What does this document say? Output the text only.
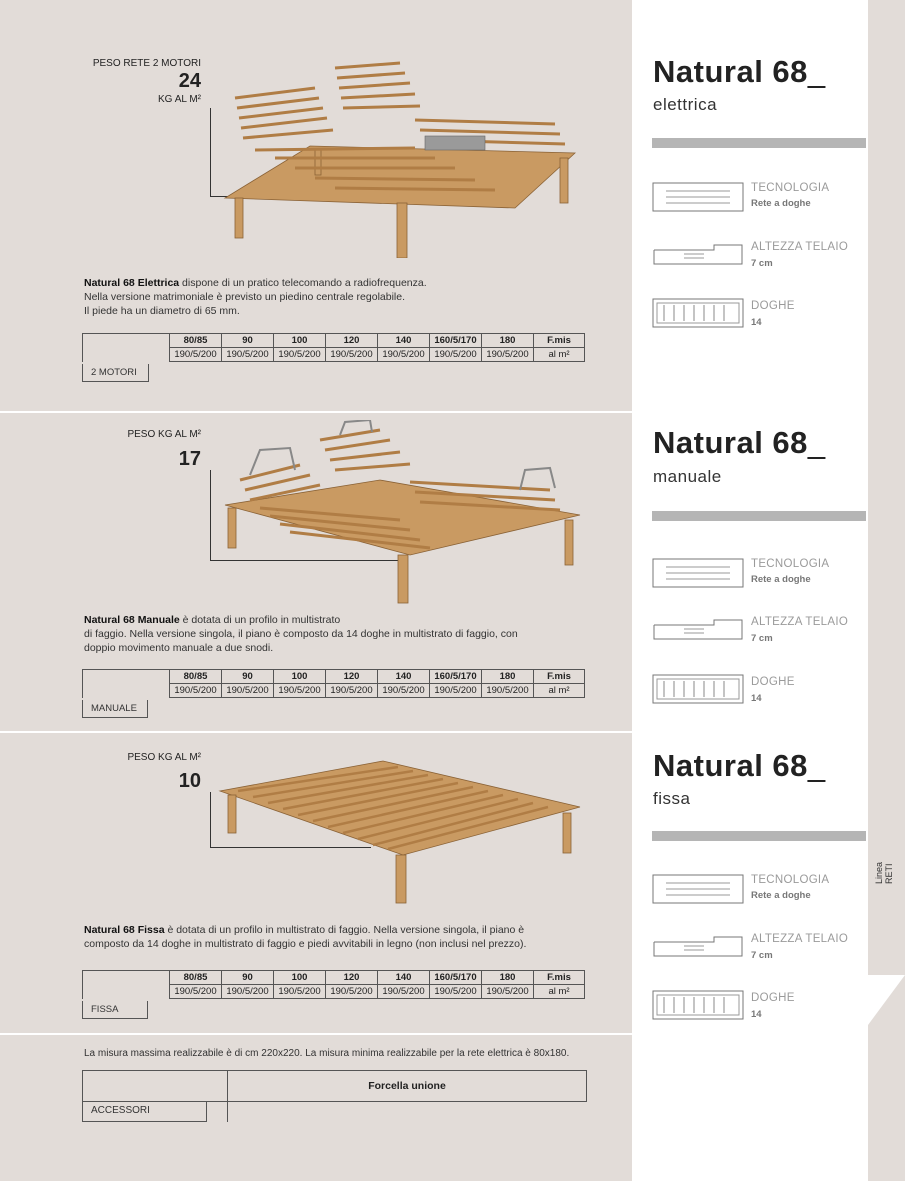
PESO RETE 2 MOTORI
24
KG AL M²
Natural 68 Elettrica dispone di un pratico telecomando a radiofrequenza.
Nella versione matrimoniale è previsto un piedino centrale regolabile.
Il piede ha un diametro di 65 mm.
	80/85	90	100	120	140	160/5/170	180	F.mis
	190/5/200	190/5/200	190/5/200	190/5/200	190/5/200	190/5/200	190/5/200	al m²
2 MOTORI
PESO KG AL M²
17
Natural 68 Manuale è dotata di un profilo in multistrato
di faggio. Nella versione singola, il piano è composto da 14 doghe in multistrato di faggio, con
doppio movimento manuale a due snodi.
	80/85	90	100	120	140	160/5/170	180	F.mis
	190/5/200	190/5/200	190/5/200	190/5/200	190/5/200	190/5/200	190/5/200	al m²
MANUALE
PESO KG AL M²
10
Natural 68 Fissa è dotata di un profilo in multistrato di faggio. Nella versione singola, il piano è
composto da 14 doghe in multistrato di faggio e piedi avvitabili in legno (non inclusi nel prezzo).
	80/85	90	100	120	140	160/5/170	180	F.mis
	190/5/200	190/5/200	190/5/200	190/5/200	190/5/200	190/5/200	190/5/200	al m²
FISSA
La misura massima realizzabile è di cm 220x220. La misura minima realizzabile per la rete elettrica è 80x180.
Forcella unione
ACCESSORI
Natural 68_
elettrica
TECNOLOGIA
Rete a doghe
ALTEZZA TELAIO
7 cm
DOGHE
14
Natural 68_
manuale
TECNOLOGIA
Rete a doghe
ALTEZZA TELAIO
7 cm
DOGHE
14
Natural 68_
fissa
TECNOLOGIA
Rete a doghe
ALTEZZA TELAIO
7 cm
DOGHE
14
Linea
RETI
